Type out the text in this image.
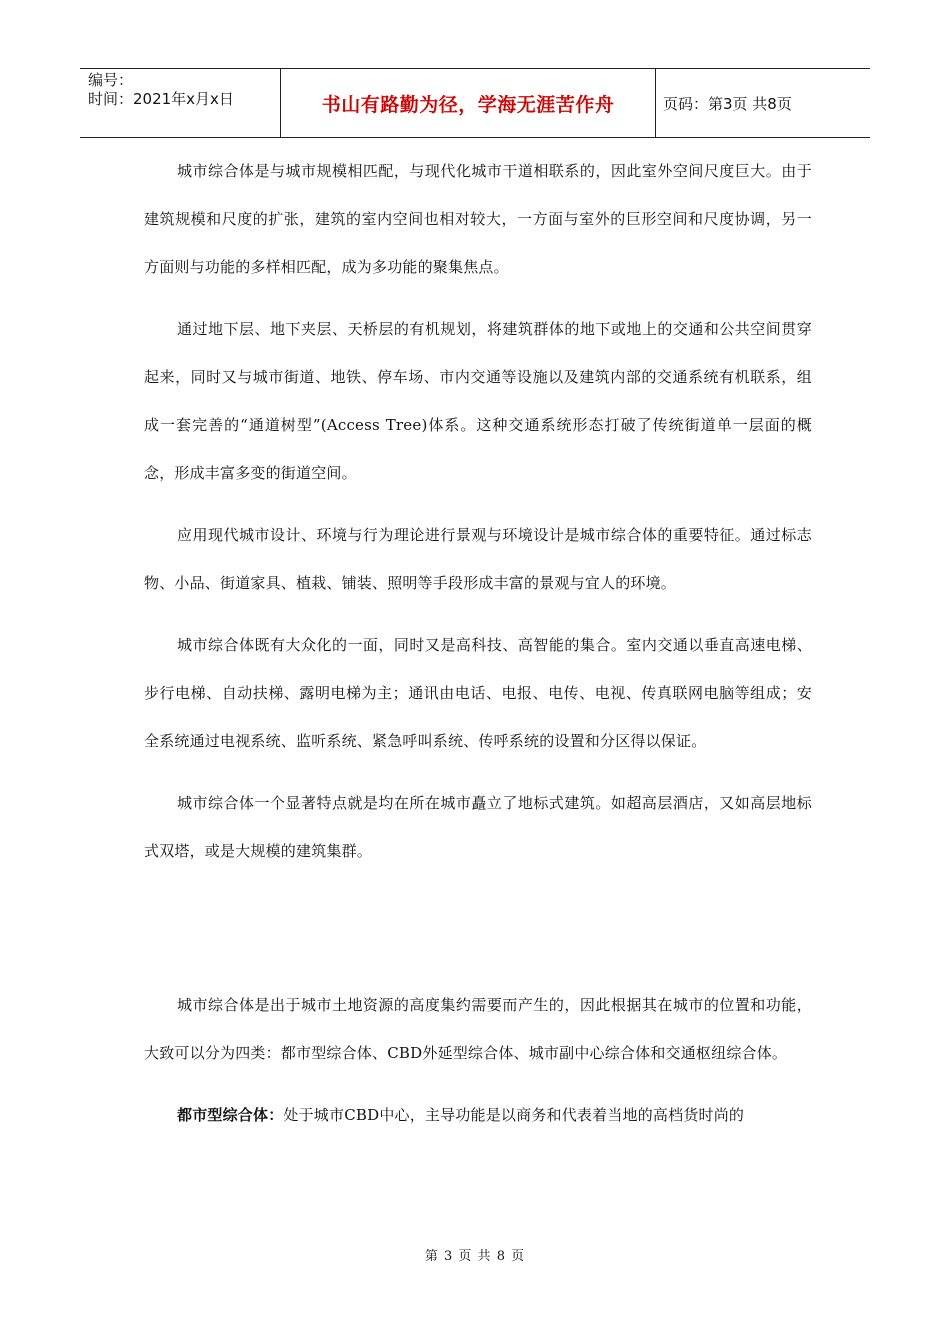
编号：
时间：2021年x月x日	书山有路勤为径，学海无涯苦作舟	页码：第3页 共8页

城市综合体是与城市规模相匹配，与现代化城市干道相联系的，因此室外空间尺度巨大。由于建筑规模和尺度的扩张，建筑的室内空间也相对较大，一方面与室外的巨形空间和尺度协调，另一方面则与功能的多样相匹配，成为多功能的聚集焦点。

通过地下层、地下夹层、天桥层的有机规划，将建筑群体的地下或地上的交通和公共空间贯穿起来，同时又与城市街道、地铁、停车场、市内交通等设施以及建筑内部的交通系统有机联系，组成一套完善的“通道树型”(Access Tree)体系。这种交通系统形态打破了传统街道单一层面的概念，形成丰富多变的街道空间。

应用现代城市设计、环境与行为理论进行景观与环境设计是城市综合体的重要特征。通过标志物、小品、街道家具、植栽、铺装、照明等手段形成丰富的景观与宜人的环境。

城市综合体既有大众化的一面，同时又是高科技、高智能的集合。室内交通以垂直高速电梯、步行电梯、自动扶梯、露明电梯为主；通讯由电话、电报、电传、电视、传真联网电脑等组成；安全系统通过电视系统、监听系统、紧急呼叫系统、传呼系统的设置和分区得以保证。

城市综合体一个显著特点就是均在所在城市矗立了地标式建筑。如超高层酒店，又如高层地标式双塔，或是大规模的建筑集群。

城市综合体是出于城市土地资源的高度集约需要而产生的，因此根据其在城市的位置和功能，大致可以分为四类：都市型综合体、CBD外延型综合体、城市副中心综合体和交通枢纽综合体。

都市型综合体：处于城市CBD中心，主导功能是以商务和代表着当地的高档货时尚的

第 3 页 共 8 页
